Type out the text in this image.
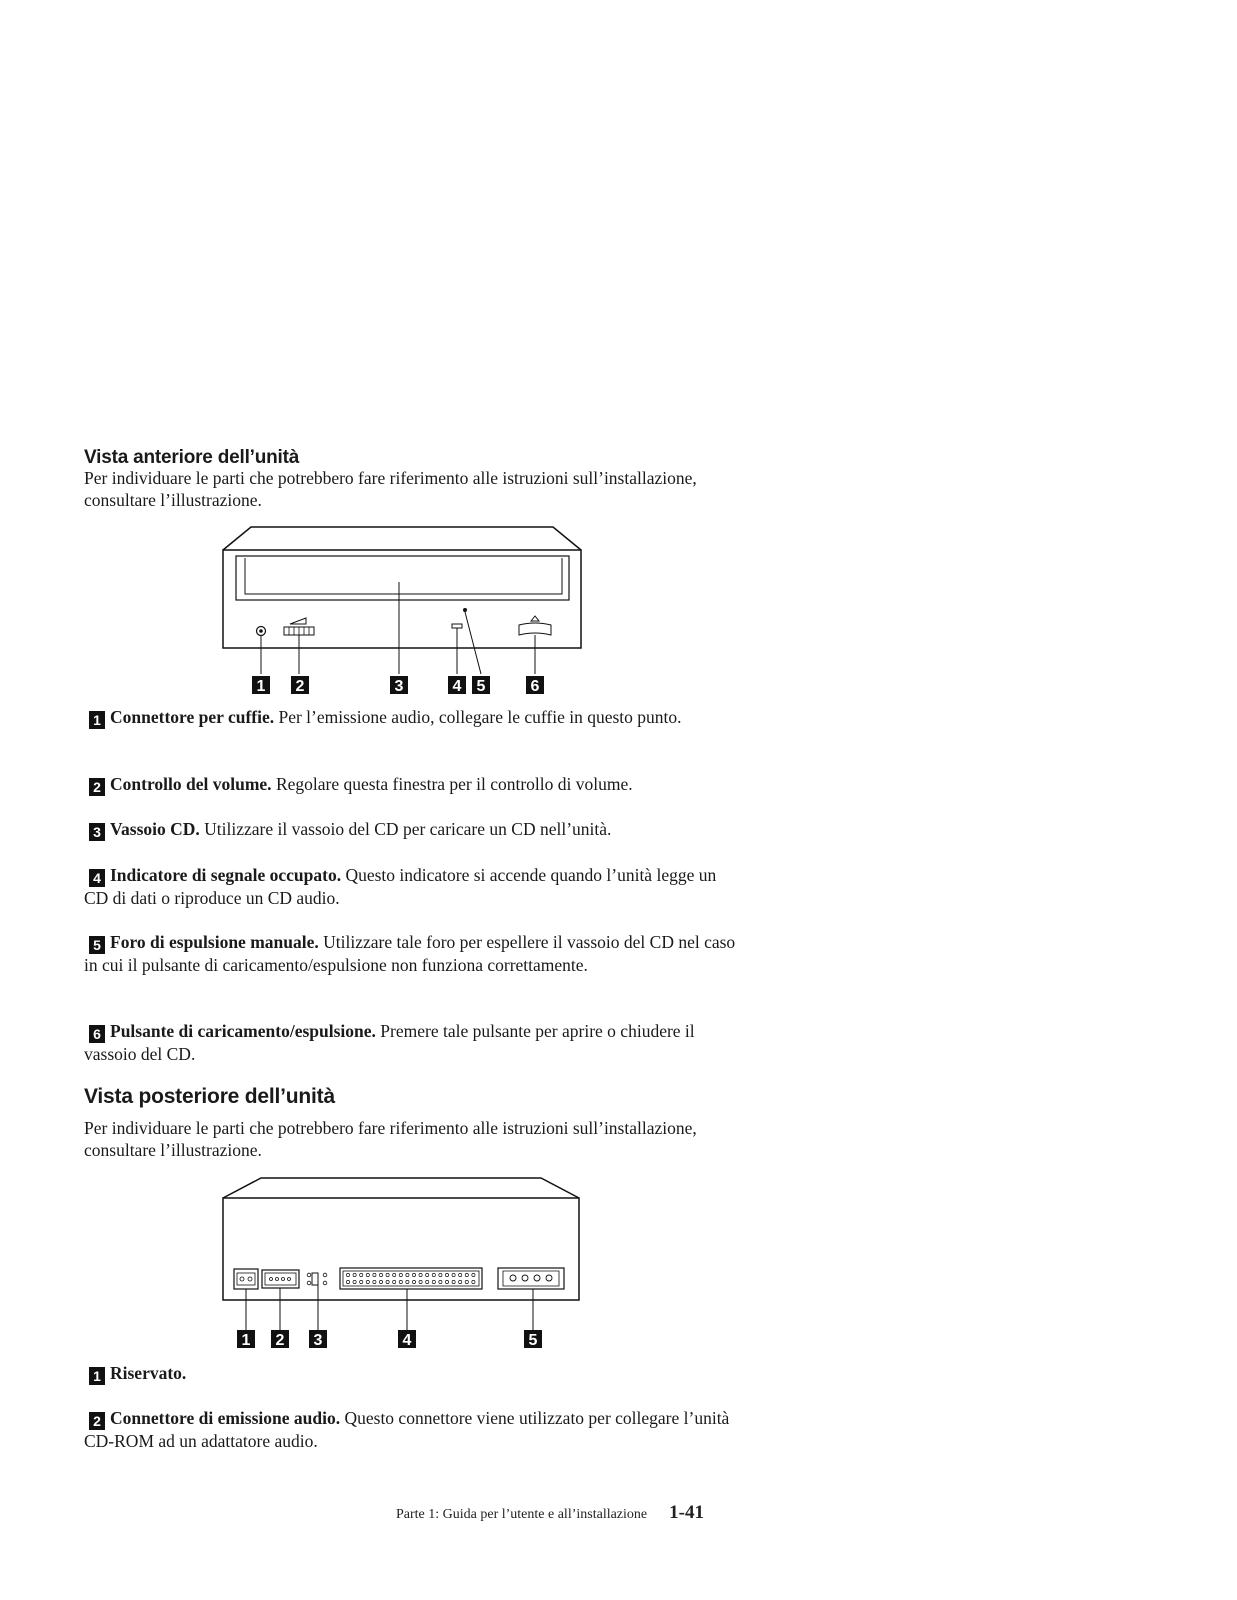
Vista anteriore dell’unità

Per individuare le parti che potrebbero fare riferimento alle istruzioni sull’installazione, consultare l’illustrazione.

1 2	3	4 5	6

1 Connettore per cuffie. Per l’emissione audio, collegare le cuffie in questo punto.

2 Controllo del volume. Regolare questa finestra per il controllo di volume.

3 Vassoio CD. Utilizzare il vassoio del CD per caricare un CD nell’unità.

4 Indicatore di segnale occupato. Questo indicatore si accende quando l’unità legge un CD di dati o riproduce un CD audio.

5 Foro di espulsione manuale. Utilizzare tale foro per espellere il vassoio del CD nel caso in cui il pulsante di caricamento/espulsione non funziona correttamente.

6 Pulsante di caricamento/espulsione. Premere tale pulsante per aprire o chiudere il vassoio del CD.

Vista posteriore dell’unità

Per individuare le parti che potrebbero fare riferimento alle istruzioni sull’installazione, consultare l’illustrazione.

1 2 3	4	5

1 Riservato.

2 Connettore di emissione audio. Questo connettore viene utilizzato per collegare l’unità CD-ROM ad un adattatore audio.

Parte 1: Guida per l’utente e all’installazione 1-41
